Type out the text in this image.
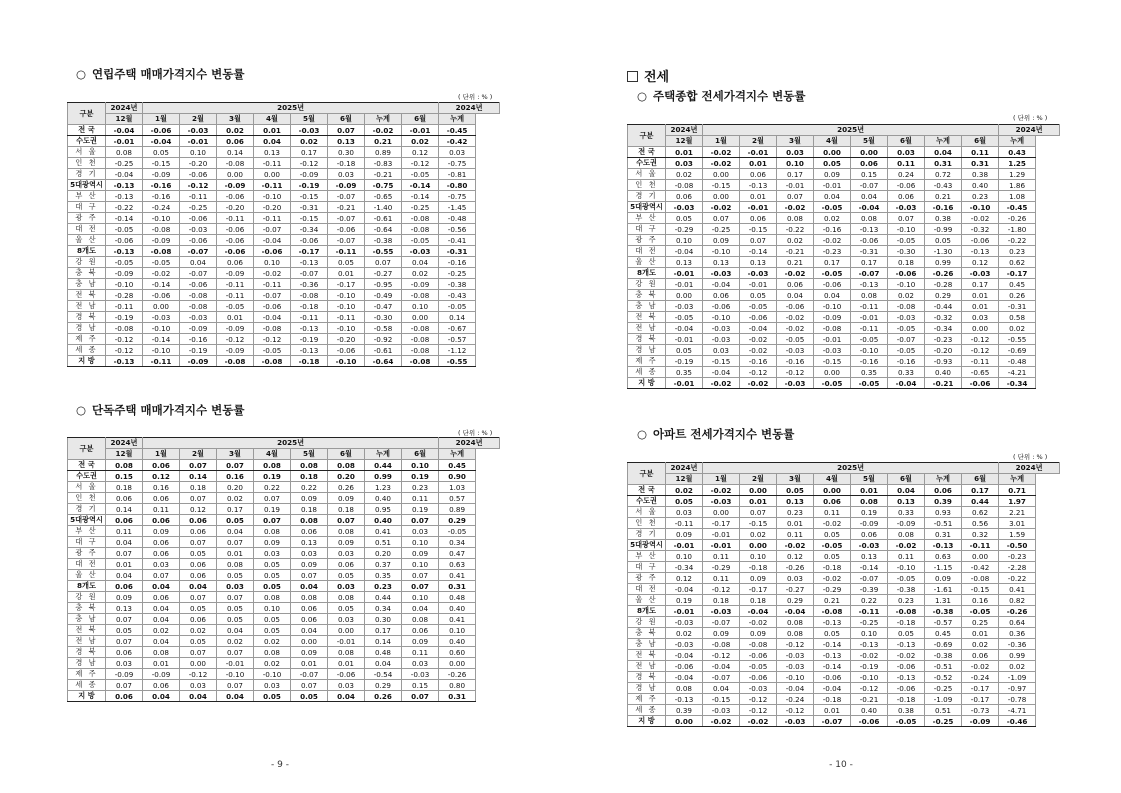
○ 연립주택 매매가격지수 변동률
( 단위 : % )
구분	2024년	2025년								2024년
	12월	1월	2월	3월	4월	5월	6월	누계	6월	누계
전 국	-0.04	-0.06	-0.03	0.02	0.01	-0.03	0.07	-0.02	-0.01	-0.45
수도권	-0.01	-0.04	-0.01	0.06	0.04	0.02	0.13	0.21	0.02	-0.42
서 울	0.08	0.05	0.10	0.14	0.13	0.17	0.30	0.89	0.12	0.03
인 천	-0.25	-0.15	-0.20	-0.08	-0.11	-0.12	-0.18	-0.83	-0.12	-0.75
경 기	-0.04	-0.09	-0.06	0.00	0.00	-0.09	0.03	-0.21	-0.05	-0.81
5대광역시	-0.13	-0.16	-0.12	-0.09	-0.11	-0.19	-0.09	-0.75	-0.14	-0.80
부 산	-0.13	-0.16	-0.11	-0.06	-0.10	-0.15	-0.07	-0.65	-0.14	-0.75
대 구	-0.22	-0.24	-0.25	-0.20	-0.20	-0.31	-0.21	-1.40	-0.25	-1.45
광 주	-0.14	-0.10	-0.06	-0.11	-0.11	-0.15	-0.07	-0.61	-0.08	-0.48
대 전	-0.05	-0.08	-0.03	-0.06	-0.07	-0.34	-0.06	-0.64	-0.08	-0.56
울 산	-0.06	-0.09	-0.06	-0.06	-0.04	-0.06	-0.07	-0.38	-0.05	-0.41
8개도	-0.13	-0.08	-0.07	-0.06	-0.06	-0.17	-0.11	-0.55	-0.03	-0.31
강 원	-0.05	-0.05	0.04	0.06	0.10	-0.13	0.05	0.07	0.04	-0.16
충 북	-0.09	-0.02	-0.07	-0.09	-0.02	-0.07	0.01	-0.27	0.02	-0.25
충 남	-0.10	-0.14	-0.06	-0.11	-0.11	-0.36	-0.17	-0.95	-0.09	-0.38
전 북	-0.28	-0.06	-0.08	-0.11	-0.07	-0.08	-0.10	-0.49	-0.08	-0.43
전 남	-0.11	0.00	-0.08	-0.05	-0.06	-0.18	-0.10	-0.47	0.10	-0.05
경 북	-0.19	-0.03	-0.03	0.01	-0.04	-0.11	-0.11	-0.30	0.00	0.14
경 남	-0.08	-0.10	-0.09	-0.09	-0.08	-0.13	-0.10	-0.58	-0.08	-0.67
제 주	-0.12	-0.14	-0.16	-0.12	-0.12	-0.19	-0.20	-0.92	-0.08	-0.57
세 종	-0.12	-0.10	-0.19	-0.09	-0.05	-0.13	-0.06	-0.61	-0.08	-1.12
지 방	-0.13	-0.11	-0.09	-0.08	-0.08	-0.18	-0.10	-0.64	-0.08	-0.55
○ 단독주택 매매가격지수 변동률
( 단위 : % )
구분	2024년	2025년								2024년
	12월	1월	2월	3월	4월	5월	6월	누계	6월	누계
전 국	0.08	0.06	0.07	0.07	0.08	0.08	0.08	0.44	0.10	0.45
수도권	0.15	0.12	0.14	0.16	0.19	0.18	0.20	0.99	0.19	0.90
서 울	0.18	0.16	0.18	0.20	0.22	0.22	0.26	1.23	0.23	1.03
인 천	0.06	0.06	0.07	0.02	0.07	0.09	0.09	0.40	0.11	0.57
경 기	0.14	0.11	0.12	0.17	0.19	0.18	0.18	0.95	0.19	0.89
5대광역시	0.06	0.06	0.06	0.05	0.07	0.08	0.07	0.40	0.07	0.29
부 산	0.11	0.09	0.06	0.04	0.08	0.06	0.08	0.41	0.03	-0.05
대 구	0.04	0.06	0.07	0.07	0.09	0.13	0.09	0.51	0.10	0.34
광 주	0.07	0.06	0.05	0.01	0.03	0.03	0.03	0.20	0.09	0.47
대 전	0.01	0.03	0.06	0.08	0.05	0.09	0.06	0.37	0.10	0.63
울 산	0.04	0.07	0.06	0.05	0.05	0.07	0.05	0.35	0.07	0.41
8개도	0.06	0.04	0.04	0.03	0.05	0.04	0.03	0.23	0.07	0.31
강 원	0.09	0.06	0.07	0.07	0.08	0.08	0.08	0.44	0.10	0.48
충 북	0.13	0.04	0.05	0.05	0.10	0.06	0.05	0.34	0.04	0.40
충 남	0.07	0.04	0.06	0.05	0.05	0.06	0.03	0.30	0.08	0.41
전 북	0.05	0.02	0.02	0.04	0.05	0.04	0.00	0.17	0.06	0.10
전 남	0.07	0.04	0.05	0.02	0.02	0.00	-0.01	0.14	0.09	0.40
경 북	0.06	0.08	0.07	0.07	0.08	0.09	0.08	0.48	0.11	0.60
경 남	0.03	0.01	0.00	-0.01	0.02	0.01	0.01	0.04	0.03	0.00
제 주	-0.09	-0.09	-0.12	-0.10	-0.10	-0.07	-0.06	-0.54	-0.03	-0.26
세 종	0.07	0.06	0.03	0.07	0.03	0.07	0.03	0.29	0.15	0.80
지 방	0.06	0.04	0.04	0.04	0.05	0.05	0.04	0.26	0.07	0.31
- 9 -
전세
○ 주택종합 전세가격지수 변동률
( 단위 : % )
구분	2024년	2025년								2024년
	12월	1월	2월	3월	4월	5월	6월	누계	6월	누계
전 국	0.01	-0.02	-0.01	0.03	0.00	0.00	0.03	0.04	0.11	0.43
수도권	0.03	-0.02	0.01	0.10	0.05	0.06	0.11	0.31	0.31	1.25
서 울	0.02	0.00	0.06	0.17	0.09	0.15	0.24	0.72	0.38	1.29
인 천	-0.08	-0.15	-0.13	-0.01	-0.01	-0.07	-0.06	-0.43	0.40	1.86
경 기	0.06	0.00	0.01	0.07	0.04	0.04	0.06	0.21	0.23	1.08
5대광역시	-0.03	-0.02	-0.01	-0.02	-0.05	-0.04	-0.03	-0.16	-0.10	-0.45
부 산	0.05	0.07	0.06	0.08	0.02	0.08	0.07	0.38	-0.02	-0.26
대 구	-0.29	-0.25	-0.15	-0.22	-0.16	-0.13	-0.10	-0.99	-0.32	-1.80
광 주	0.10	0.09	0.07	0.02	-0.02	-0.06	-0.05	0.05	-0.06	-0.22
대 전	-0.04	-0.10	-0.14	-0.21	-0.23	-0.31	-0.30	-1.30	-0.13	0.23
울 산	0.13	0.13	0.13	0.21	0.17	0.17	0.18	0.99	0.12	0.62
8개도	-0.01	-0.03	-0.03	-0.02	-0.05	-0.07	-0.06	-0.26	-0.03	-0.17
강 원	-0.01	-0.04	-0.01	0.06	-0.06	-0.13	-0.10	-0.28	0.17	0.45
충 북	0.00	0.06	0.05	0.04	0.04	0.08	0.02	0.29	0.01	0.26
충 남	-0.03	-0.06	-0.05	-0.06	-0.10	-0.11	-0.08	-0.44	0.01	-0.31
전 북	-0.05	-0.10	-0.06	-0.02	-0.09	-0.01	-0.03	-0.32	0.03	0.58
전 남	-0.04	-0.03	-0.04	-0.02	-0.08	-0.11	-0.05	-0.34	0.00	0.02
경 북	-0.01	-0.03	-0.02	-0.05	-0.01	-0.05	-0.07	-0.23	-0.12	-0.55
경 남	0.05	0.03	-0.02	-0.03	-0.03	-0.10	-0.05	-0.20	-0.12	-0.69
제 주	-0.19	-0.15	-0.16	-0.16	-0.15	-0.16	-0.16	-0.93	-0.11	-0.48
세 종	0.35	-0.04	-0.12	-0.12	0.00	0.35	0.33	0.40	-0.65	-4.21
지 방	-0.01	-0.02	-0.02	-0.03	-0.05	-0.05	-0.04	-0.21	-0.06	-0.34
○ 아파트 전세가격지수 변동률
( 단위 : % )
구분	2024년	2025년								2024년
	12월	1월	2월	3월	4월	5월	6월	누계	6월	누계
전 국	0.02	-0.02	0.00	0.05	0.00	0.01	0.04	0.06	0.17	0.71
수도권	0.05	-0.03	0.01	0.13	0.06	0.08	0.13	0.39	0.44	1.97
서 울	0.03	0.00	0.07	0.23	0.11	0.19	0.33	0.93	0.62	2.21
인 천	-0.11	-0.17	-0.15	0.01	-0.02	-0.09	-0.09	-0.51	0.56	3.01
경 기	0.09	-0.01	0.02	0.11	0.05	0.06	0.08	0.31	0.32	1.59
5대광역시	-0.01	-0.01	0.00	-0.02	-0.05	-0.03	-0.02	-0.13	-0.11	-0.50
부 산	0.10	0.11	0.10	0.12	0.05	0.13	0.11	0.63	0.00	-0.23
대 구	-0.34	-0.29	-0.18	-0.26	-0.18	-0.14	-0.10	-1.15	-0.42	-2.28
광 주	0.12	0.11	0.09	0.03	-0.02	-0.07	-0.05	0.09	-0.08	-0.22
대 전	-0.04	-0.12	-0.17	-0.27	-0.29	-0.39	-0.38	-1.61	-0.15	0.41
울 산	0.19	0.18	0.18	0.29	0.21	0.22	0.23	1.31	0.16	0.82
8개도	-0.01	-0.03	-0.04	-0.04	-0.08	-0.11	-0.08	-0.38	-0.05	-0.26
강 원	-0.03	-0.07	-0.02	0.08	-0.13	-0.25	-0.18	-0.57	0.25	0.64
충 북	0.02	0.09	0.09	0.08	0.05	0.10	0.05	0.45	0.01	0.36
충 남	-0.03	-0.08	-0.08	-0.12	-0.14	-0.13	-0.13	-0.69	0.02	-0.36
전 북	-0.04	-0.12	-0.06	-0.03	-0.13	-0.02	-0.02	-0.38	0.06	0.99
전 남	-0.06	-0.04	-0.05	-0.03	-0.14	-0.19	-0.06	-0.51	-0.02	0.02
경 북	-0.04	-0.07	-0.06	-0.10	-0.06	-0.10	-0.13	-0.52	-0.24	-1.09
경 남	0.08	0.04	-0.03	-0.04	-0.04	-0.12	-0.06	-0.25	-0.17	-0.97
제 주	-0.13	-0.15	-0.12	-0.24	-0.18	-0.21	-0.18	-1.09	-0.17	-0.78
세 종	0.39	-0.03	-0.12	-0.12	0.01	0.40	0.38	0.51	-0.73	-4.71
지 방	0.00	-0.02	-0.02	-0.03	-0.07	-0.06	-0.05	-0.25	-0.09	-0.46
- 10 -
